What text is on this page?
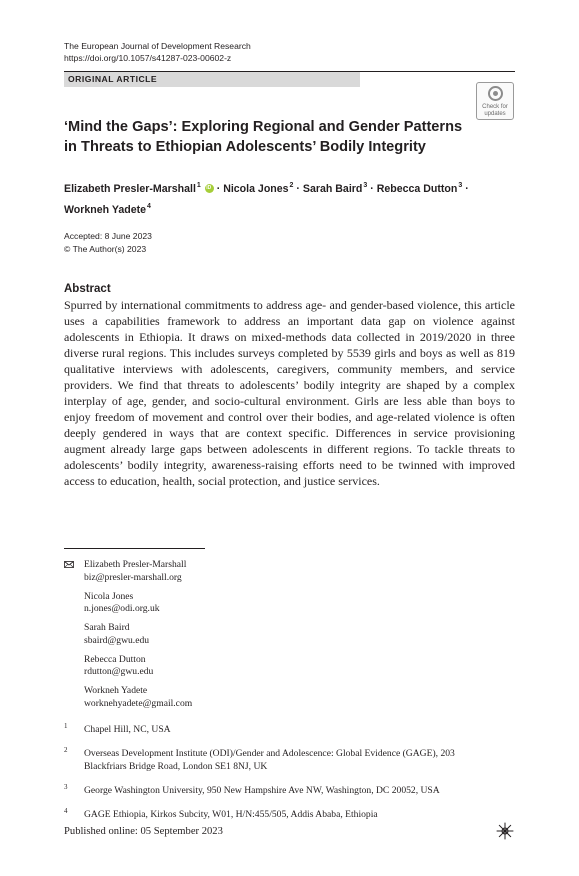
The European Journal of Development Research
https://doi.org/10.1057/s41287-023-00602-z
ORIGINAL ARTICLE
Check for
updates
‘Mind the Gaps’: Exploring Regional and Gender Patterns
in Threats to Ethiopian Adolescents’ Bodily Integrity
Elizabeth Presler-Marshall$^1$ iD · Nicola Jones$^2$ · Sarah Baird$^3$ · Rebecca Dutton$^3$ ·
Workneh Yadete$^4$
Accepted: 8 June 2023
© The Author(s) 2023
Abstract
Spurred by international commitments to address age- and gender-based violence, this article uses a capabilities framework to address an important data gap on violence against adolescents in Ethiopia. It draws on mixed-methods data collected in 2019/2020 in three diverse rural regions. This includes surveys completed by 5539 girls and boys as well as 819 qualitative interviews with adolescents, caregivers, community members, and service providers. We find that threats to adolescents’ bodily integrity are shaped by a complex interplay of age, gender, and socio-cultural environment. Girls are less able than boys to enjoy freedom of movement and control over their bodies, and age-related violence is often deeply gendered in ways that are context specific. Differences in service provisioning augment already large gaps between adolescents in different regions. To tackle threats to adolescents’ bodily integrity, awareness-raising efforts need to be twinned with improved access to education, health, social protection, and justice services.
Elizabeth Presler-Marshall
biz@presler-marshall.org
Nicola Jones
n.jones@odi.org.uk
Sarah Baird
sbaird@gwu.edu
Rebecca Dutton
rdutton@gwu.edu
Workneh Yadete
worknehyadete@gmail.com
1 Chapel Hill, NC, USA
2 Overseas Development Institute (ODI)/Gender and Adolescence: Global Evidence (GAGE), 203
Blackfriars Bridge Road, London SE1 8NJ, UK
3 George Washington University, 950 New Hampshire Ave NW, Washington, DC 20052, USA
4 GAGE Ethiopia, Kirkos Subcity, W01, H/N:455/505, Addis Ababa, Ethiopia
Published online: 05 September 2023
